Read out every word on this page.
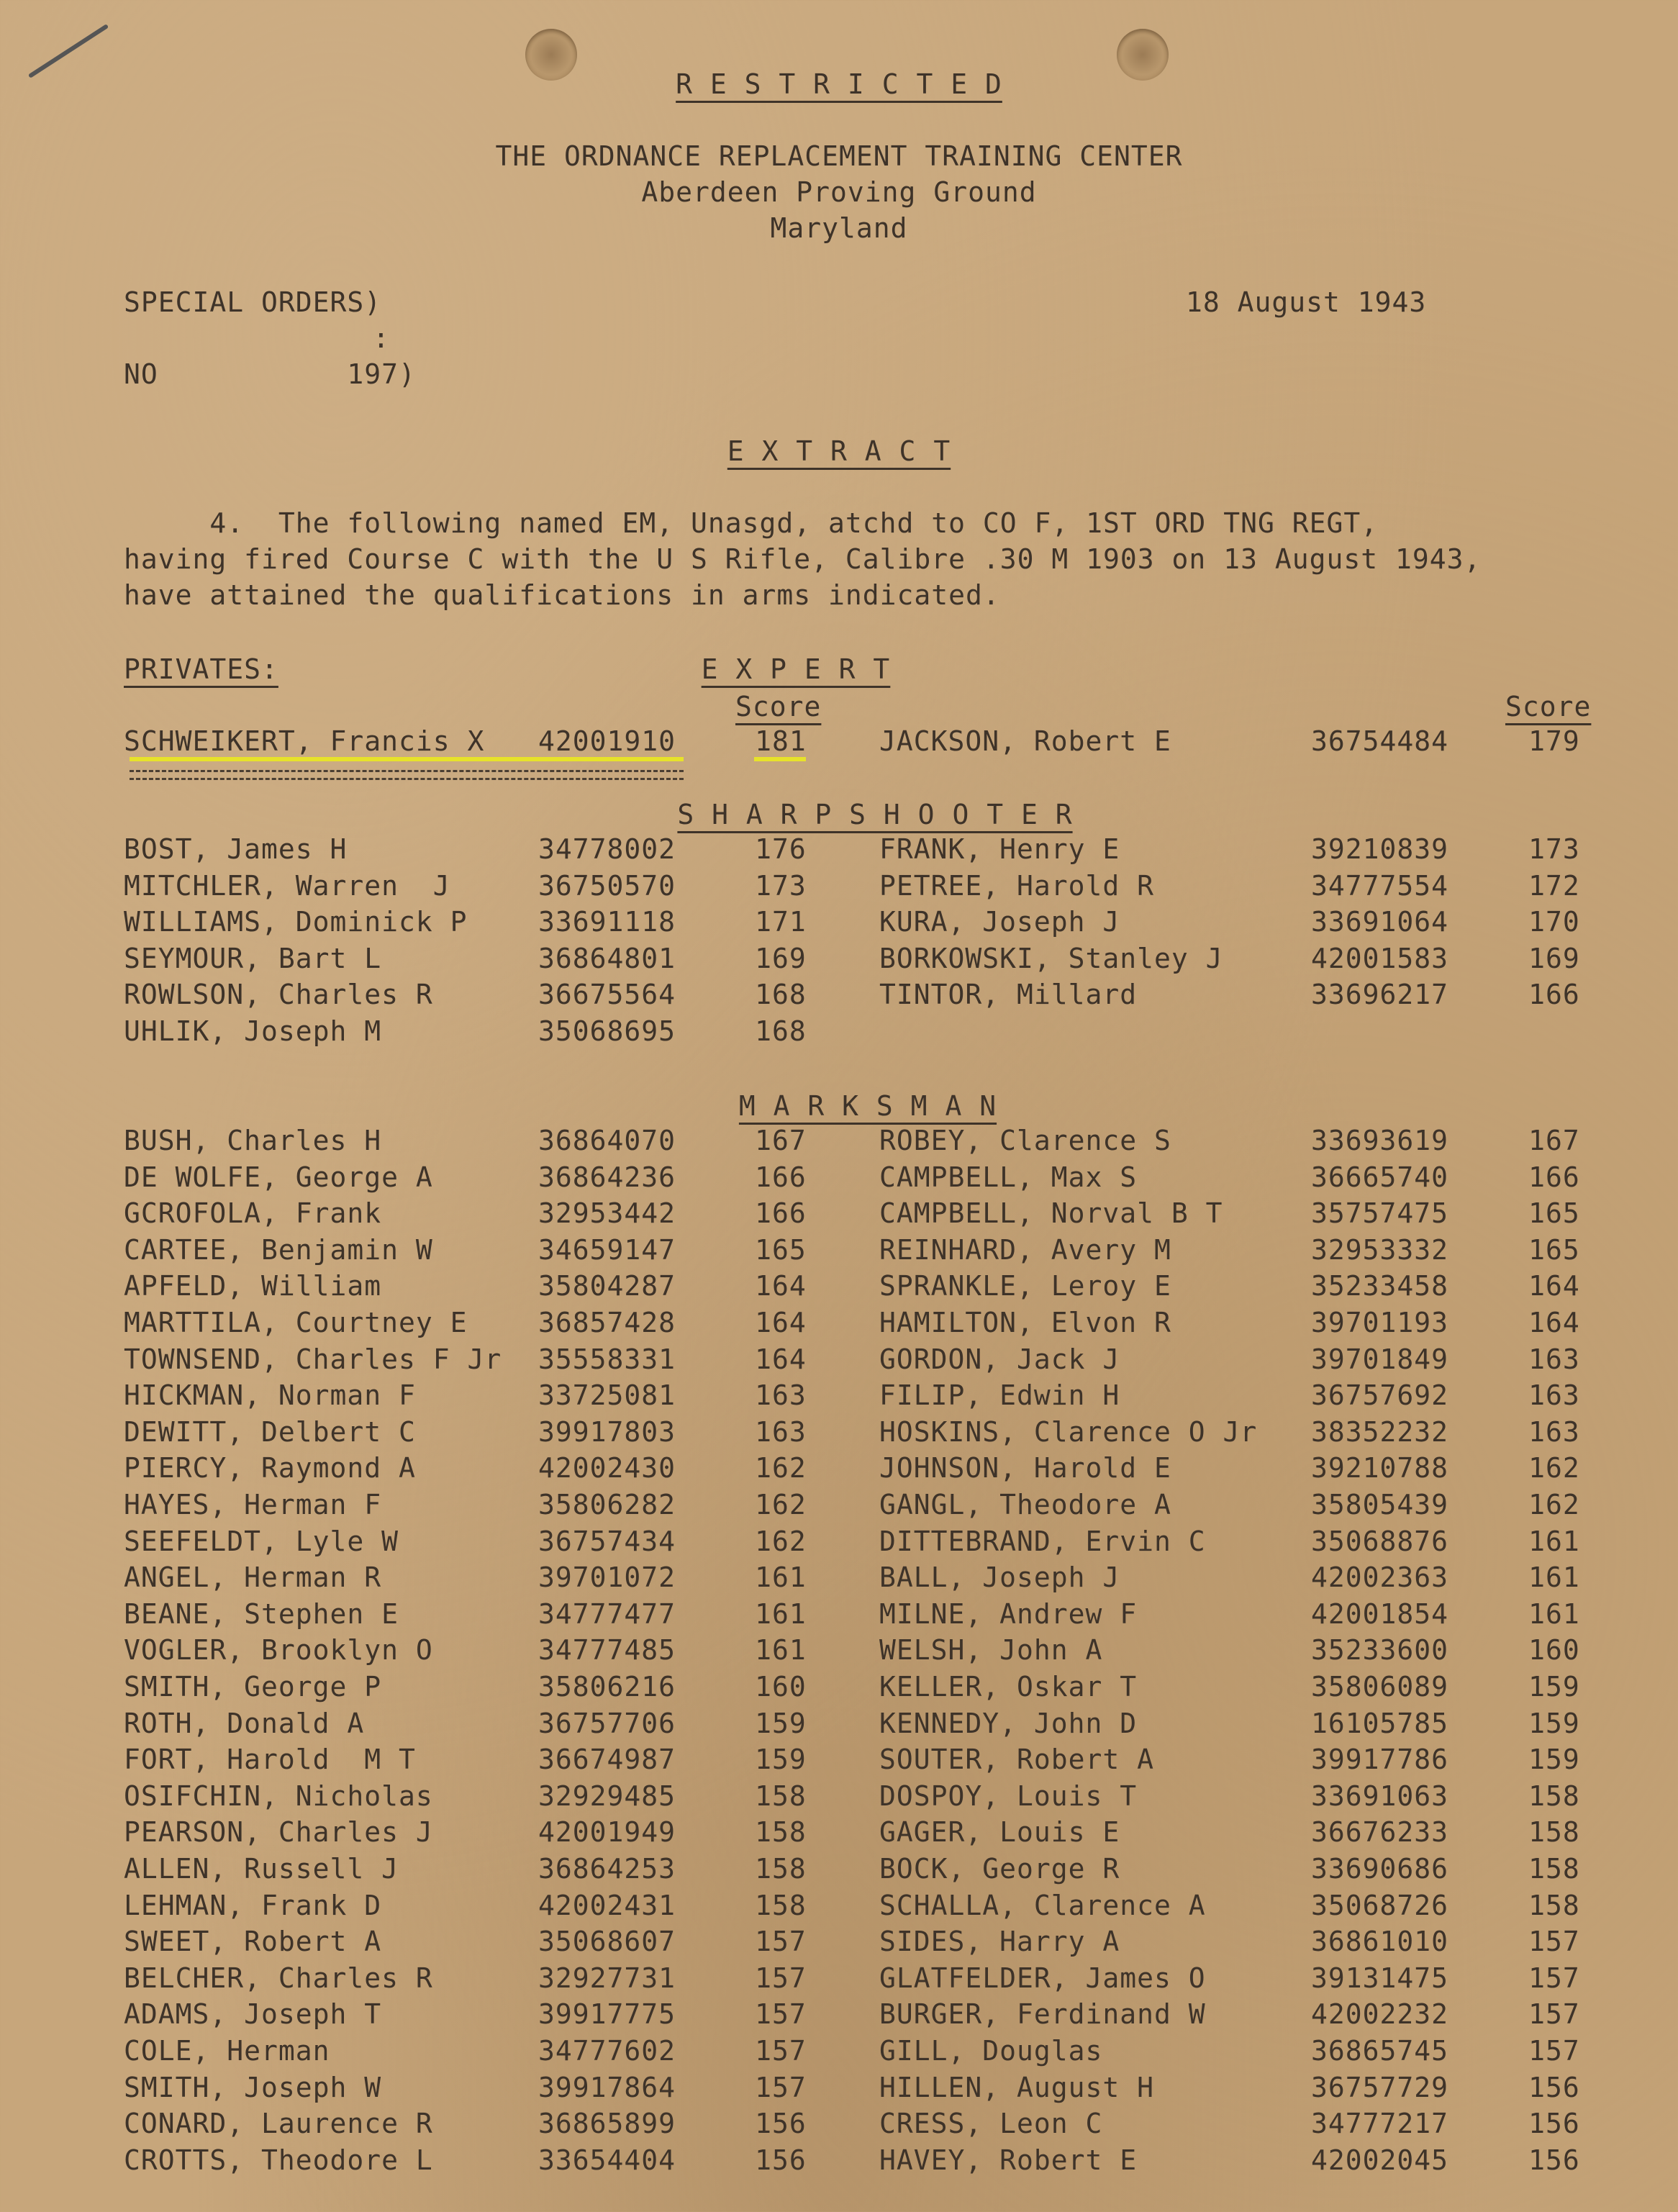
R E S T R I C T E D
THE ORDNANCE REPLACEMENT TRAINING CENTER
Aberdeen Proving Ground
Maryland
SPECIAL ORDERS)	18 August 1943
:
NO           197)
E X T R A C T
4.  The following named EM, Unasgd, atchd to CO F, 1ST ORD TNG REGT,
having fired Course C with the U S Rifle, Calibre .30 M 1903 on 13 August 1943,
have attained the qualifications in arms indicated.
PRIVATES:	E X P E R T
Score	Score
SCHWEIKERT, Francis X 42001910	181	JACKSON, Robert E	36754484	179
S H A R P S H O O T E R
BOST, James H	34778002	176	FRANK, Henry E	39210839	173
MITCHLER, Warren  J	36750570	173	PETREE, Harold R	34777554	172
WILLIAMS, Dominick P	33691118	171	KURA, Joseph J	33691064	170
SEYMOUR, Bart L	36864801	169	BORKOWSKI, Stanley J	42001583	169
ROWLSON, Charles R	36675564	168	TINTOR, Millard	33696217	166
UHLIK, Joseph M	35068695	168
M A R K S M A N
BUSH, Charles H	36864070	167	ROBEY, Clarence S	33693619	167
DE WOLFE, George A	36864236	166	CAMPBELL, Max S	36665740	166
GCROFOLA, Frank	32953442	166	CAMPBELL, Norval B T	35757475	165
CARTEE, Benjamin W	34659147	165	REINHARD, Avery M	32953332	165
APFELD, William	35804287	164	SPRANKLE, Leroy E	35233458	164
MARTTILA, Courtney E	36857428	164	HAMILTON, Elvon R	39701193	164
TOWNSEND, Charles F Jr 35558331	164	GORDON, Jack J	39701849	163
HICKMAN, Norman F	33725081	163	FILIP, Edwin H	36757692	163
DEWITT, Delbert C	39917803	163	HOSKINS, Clarence O Jr 38352232	163
PIERCY, Raymond A	42002430	162	JOHNSON, Harold E	39210788	162
HAYES, Herman F	35806282	162	GANGL, Theodore A	35805439	162
SEEFELDT, Lyle W	36757434	162	DITTEBRAND, Ervin C	35068876	161
ANGEL, Herman R	39701072	161	BALL, Joseph J	42002363	161
BEANE, Stephen E	34777477	161	MILNE, Andrew F	42001854	161
VOGLER, Brooklyn O	34777485	161	WELSH, John A	35233600	160
SMITH, George P	35806216	160	KELLER, Oskar T	35806089	159
ROTH, Donald A	36757706	159	KENNEDY, John D	16105785	159
FORT, Harold  M T	36674987	159	SOUTER, Robert A	39917786	159
OSIFCHIN, Nicholas	32929485	158	DOSPOY, Louis T	33691063	158
PEARSON, Charles J	42001949	158	GAGER, Louis E	36676233	158
ALLEN, Russell J	36864253	158	BOCK, George R	33690686	158
LEHMAN, Frank D	42002431	158	SCHALLA, Clarence A	35068726	158
SWEET, Robert A	35068607	157	SIDES, Harry A	36861010	157
BELCHER, Charles R	32927731	157	GLATFELDER, James O	39131475	157
ADAMS, Joseph T	39917775	157	BURGER, Ferdinand W	42002232	157
COLE, Herman	34777602	157	GILL, Douglas	36865745	157
SMITH, Joseph W	39917864	157	HILLEN, August H	36757729	156
CONARD, Laurence R	36865899	156	CRESS, Leon C	34777217	156
CROTTS, Theodore L	33654404	156	HAVEY, Robert E	42002045	156
